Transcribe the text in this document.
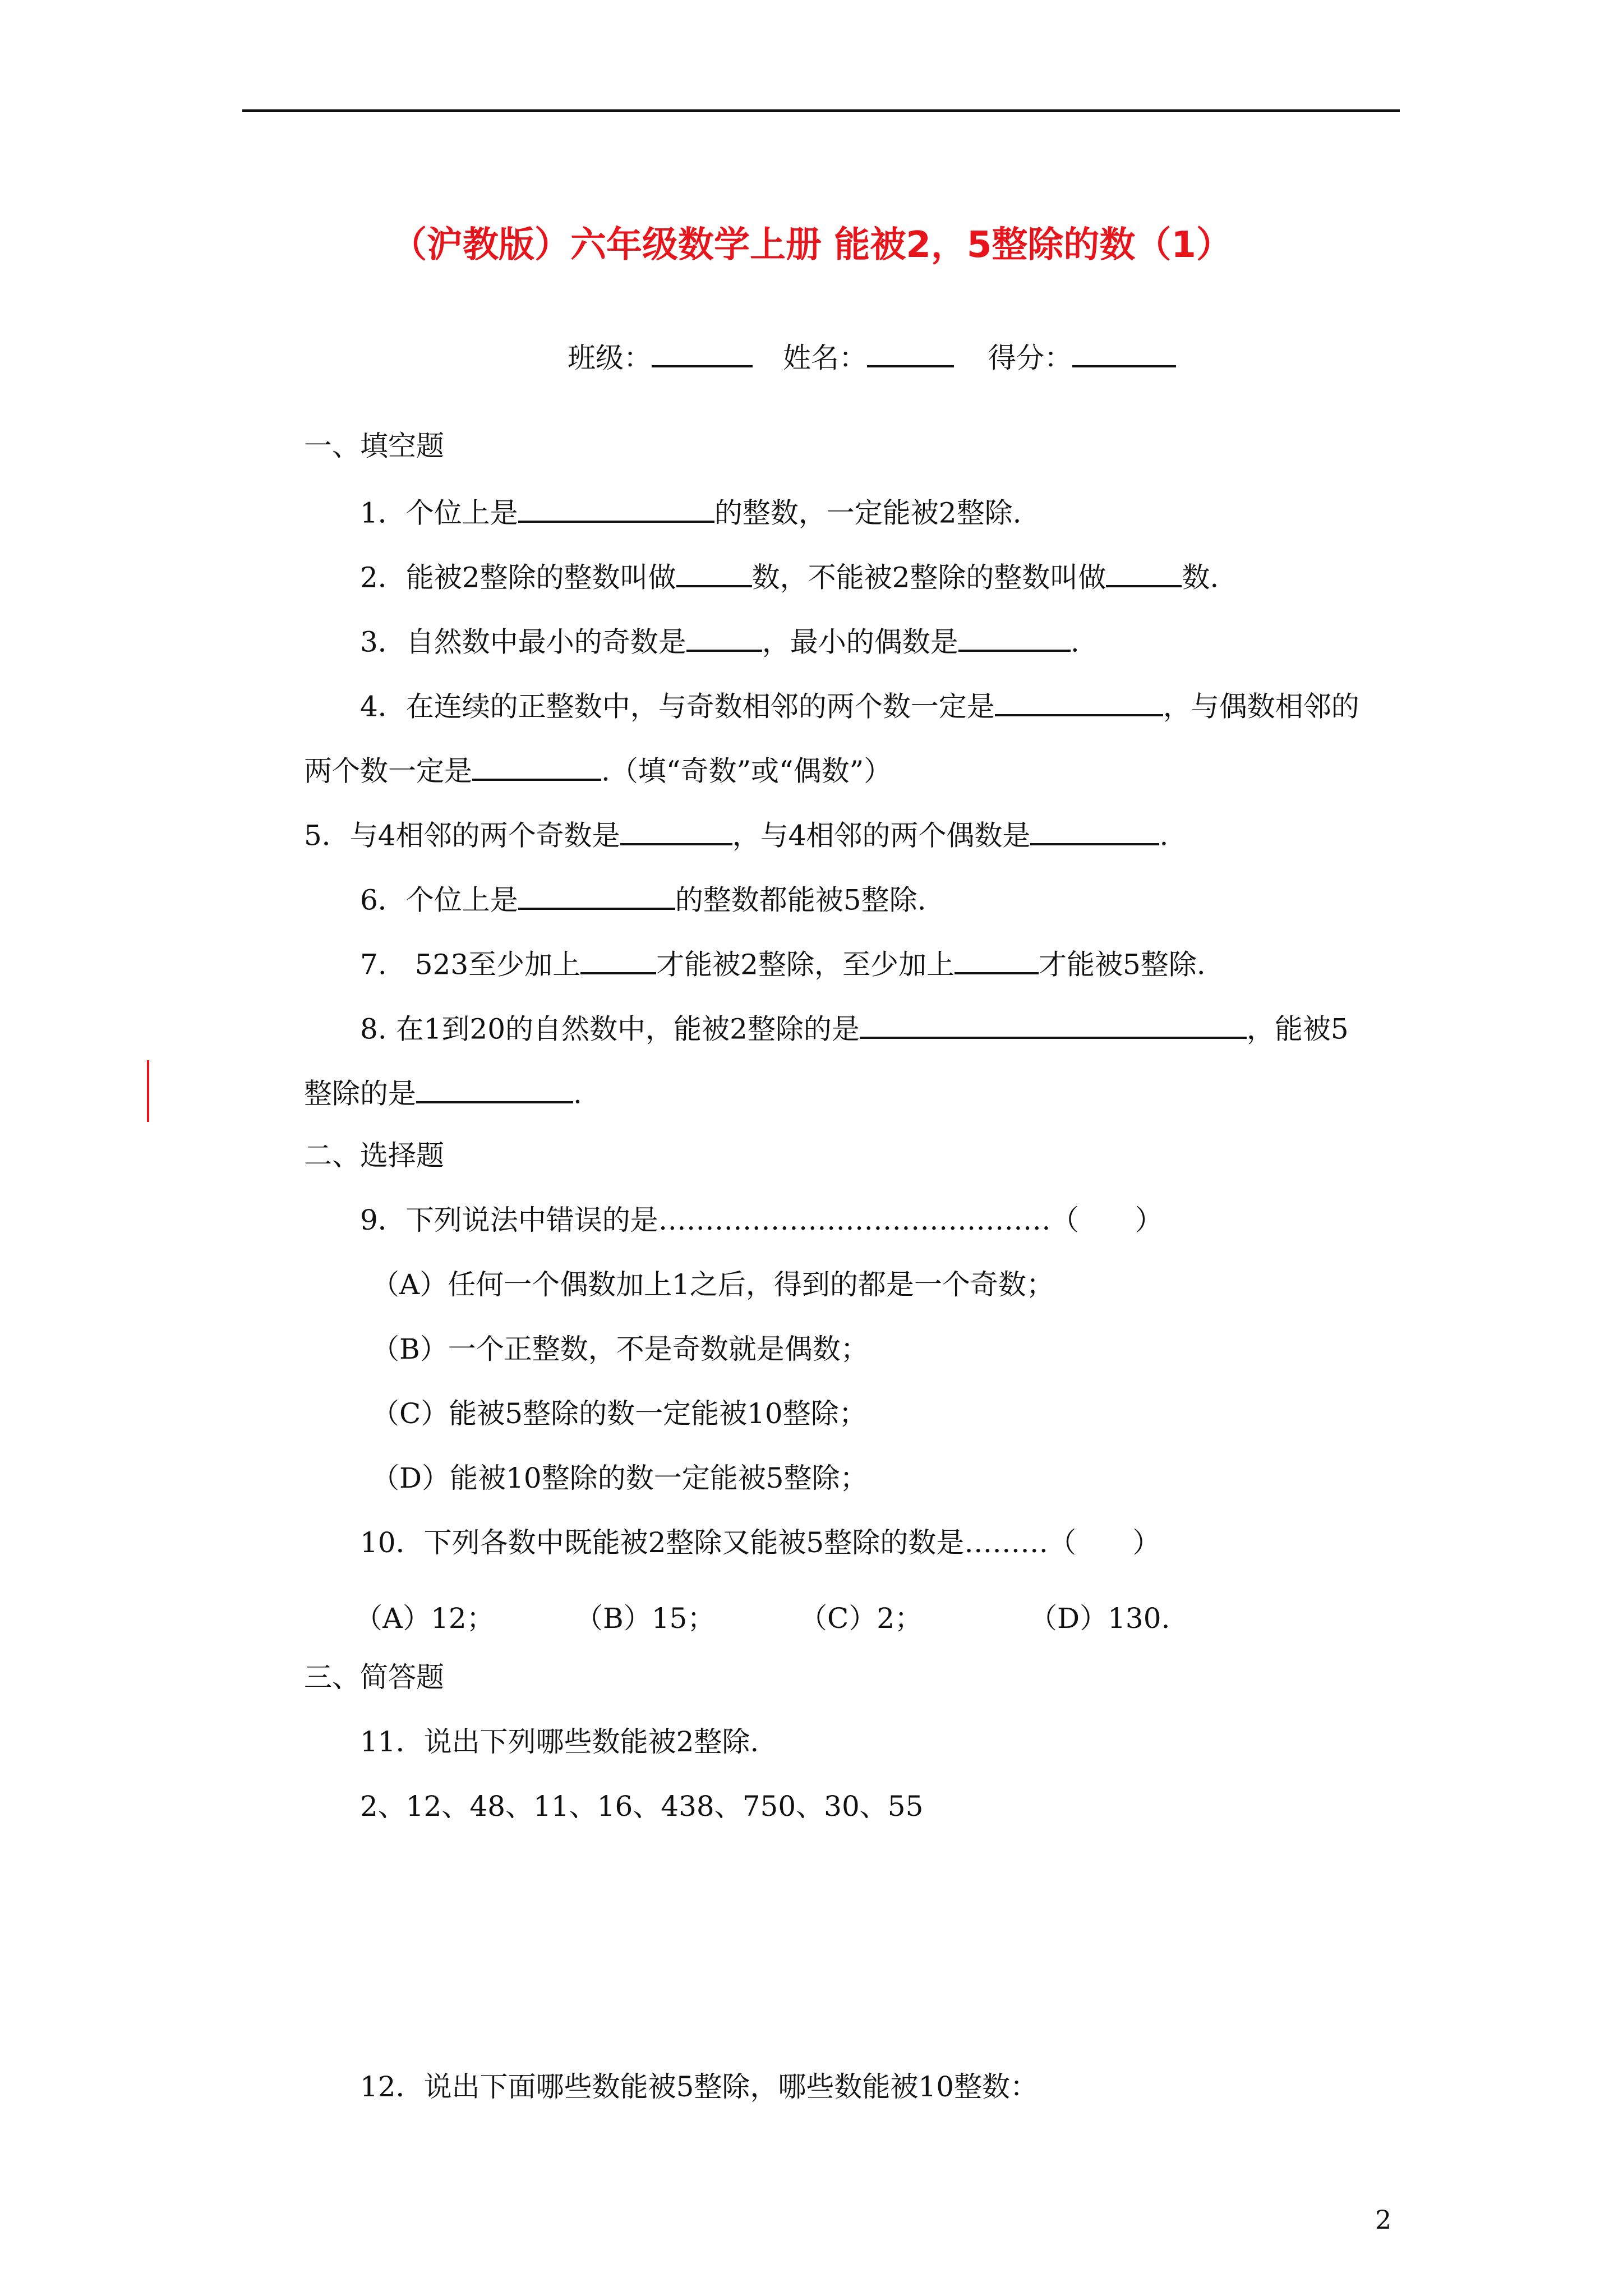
（沪教版）六年级数学上册 能被2，5整除的数（1）
班级：	姓名：	得分：
一、填空题
1．个位上是	的整数，一定能被2整除.
2．能被2整除的整数叫做	数，不能被2整除的整数叫做	数.
3．自然数中最小的奇数是	，最小的偶数是	.
4．在连续的正整数中，与奇数相邻的两个数一定是	，与偶数相邻的
两个数一定是	.（填“奇数”或“偶数”）
5．与4相邻的两个奇数是	，与4相邻的两个偶数是	.
6．个位上是	的整数都能被5整除.
7.　523至少加上	才能被2整除，至少加上	才能被5整除.
8. 在1到20的自然数中，能被2整除的是	，能被5
整除的是	.
二、选择题
9．下列说法中错误的是……………………………………（　　）
（A）任何一个偶数加上1之后，得到的都是一个奇数；
（B）一个正整数，不是奇数就是偶数；
（C）能被5整除的数一定能被10整除；
（D）能被10整除的数一定能被5整除；
10．下列各数中既能被2整除又能被5整除的数是………（　　）
（A）12；	（B）15；	（C）2；	（D）130.
三、简答题
11．说出下列哪些数能被2整除.
2、12、48、11、16、438、750、30、55
12．说出下面哪些数能被5整除，哪些数能被10整数：
2
